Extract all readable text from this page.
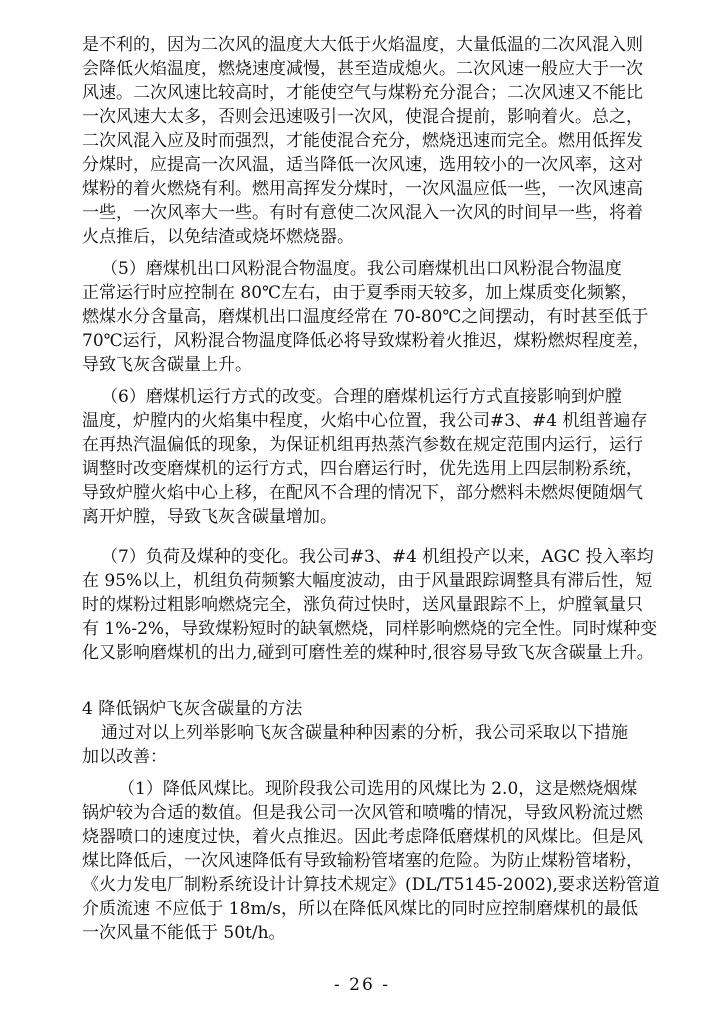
是不利的，因为二次风的温度大大低于火焰温度，大量低温的二次风混入则
会降低火焰温度，燃烧速度减慢，甚至造成熄火。二次风速一般应大于一次
风速。二次风速比较高时，才能使空气与煤粉充分混合；二次风速又不能比
一次风速大太多，否则会迅速吸引一次风，使混合提前，影响着火。总之，
二次风混入应及时而强烈，才能使混合充分，燃烧迅速而完全。燃用低挥发
分煤时，应提高一次风温，适当降低一次风速，选用较小的一次风率，这对
煤粉的着火燃烧有利。燃用高挥发分煤时，一次风温应低一些，一次风速高
一些，一次风率大一些。有时有意使二次风混入一次风的时间早一些，将着
火点推后，以免结渣或烧坏燃烧器。
（5）磨煤机出口风粉混合物温度。我公司磨煤机出口风粉混合物温度
正常运行时应控制在 80℃左右，由于夏季雨天较多，加上煤质变化频繁，
燃煤水分含量高，磨煤机出口温度经常在 70-80℃之间摆动，有时甚至低于
70℃运行，风粉混合物温度降低必将导致煤粉着火推迟，煤粉燃烬程度差，
导致飞灰含碳量上升。
（6）磨煤机运行方式的改变。合理的磨煤机运行方式直接影响到炉膛
温度，炉膛内的火焰集中程度，火焰中心位置，我公司#3、#4 机组普遍存
在再热汽温偏低的现象，为保证机组再热蒸汽参数在规定范围内运行，运行
调整时改变磨煤机的运行方式，四台磨运行时，优先选用上四层制粉系统，
导致炉膛火焰中心上移，在配风不合理的情况下，部分燃料未燃烬便随烟气
离开炉膛，导致飞灰含碳量增加。
（7）负荷及煤种的变化。我公司#3、#4 机组投产以来，AGC 投入率均
在 95%以上，机组负荷频繁大幅度波动，由于风量跟踪调整具有滞后性，短
时的煤粉过粗影响燃烧完全，涨负荷过快时，送风量跟踪不上，炉膛氧量只
有 1%-2%，导致煤粉短时的缺氧燃烧，同样影响燃烧的完全性。同时煤种变
化又影响磨煤机的出力,碰到可磨性差的煤种时,很容易导致飞灰含碳量上升。
4 降低锅炉飞灰含碳量的方法
通过对以上列举影响飞灰含碳量种种因素的分析，我公司采取以下措施
加以改善：
（1）降低风煤比。现阶段我公司选用的风煤比为 2.0，这是燃烧烟煤
锅炉较为合适的数值。但是我公司一次风管和喷嘴的情况，导致风粉流过燃
烧器喷口的速度过快，着火点推迟。因此考虑降低磨煤机的风煤比。但是风
煤比降低后，一次风速降低有导致输粉管堵塞的危险。为防止煤粉管堵粉，
《火力发电厂制粉系统设计计算技术规定》(DL/T5145-2002),要求送粉管道
介质流速 不应低于 18m/s，所以在降低风煤比的同时应控制磨煤机的最低
一次风量不能低于 50t/h。
- 26 -
